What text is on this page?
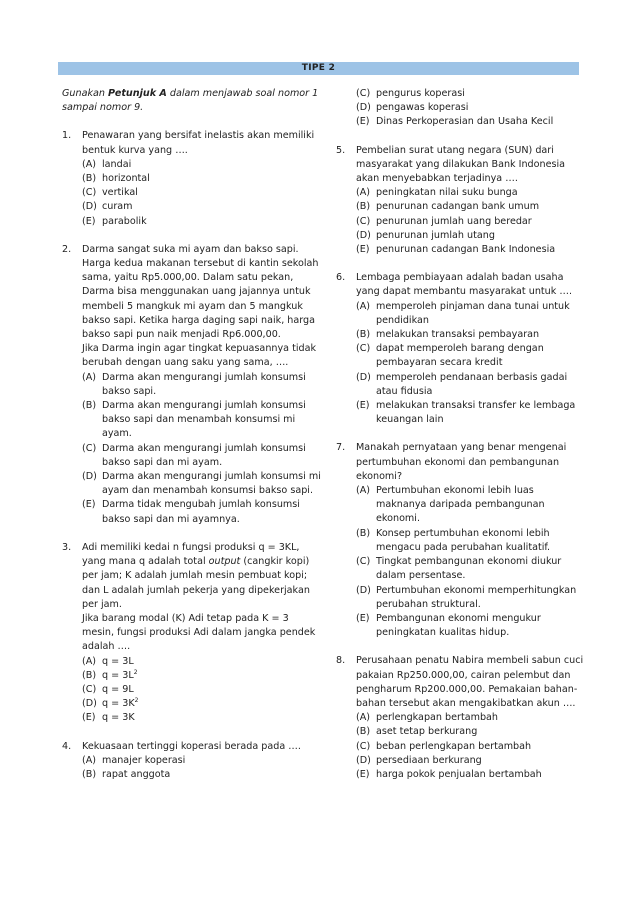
TIPE 2
Gunakan Petunjuk A dalam menjawab soal nomor 1 sampai nomor 9.
1.	Penawaran yang bersifat inelastis akan memiliki bentuk kurva yang ….
(A) landai
(B) horizontal
(C) vertikal
(D) curam
(E) parabolik
2.	Darma sangat suka mi ayam dan bakso sapi. Harga kedua makanan tersebut di kantin sekolah sama, yaitu Rp5.000,00. Dalam satu pekan, Darma bisa menggunakan uang jajannya untuk membeli 5 mangkuk mi ayam dan 5 mangkuk bakso sapi. Ketika harga daging sapi naik, harga bakso sapi pun naik menjadi Rp6.000,00.
Jika Darma ingin agar tingkat kepuasannya tidak berubah dengan uang saku yang sama, ….
(A) Darma akan mengurangi jumlah konsumsi bakso sapi.
(B) Darma akan mengurangi jumlah konsumsi bakso sapi dan menambah konsumsi mi ayam.
(C) Darma akan mengurangi jumlah konsumsi bakso sapi dan mi ayam.
(D) Darma akan mengurangi jumlah konsumsi mi ayam dan menambah konsumsi bakso sapi.
(E) Darma tidak mengubah jumlah konsumsi bakso sapi dan mi ayamnya.
3.	Adi memiliki kedai n fungsi produksi q = 3KL, yang mana q adalah total output (cangkir kopi) per jam; K adalah jumlah mesin pembuat kopi; dan L adalah jumlah pekerja yang dipekerjakan per jam.
Jika barang modal (K) Adi tetap pada K = 3 mesin, fungsi produksi Adi dalam jangka pendek adalah ….
(A) q = 3L
(B) $q = 3L^2$
(C) q = 9L
(D) $q = 3K^2$
(E) q = 3K
4.	Kekuasaan tertinggi koperasi berada pada ….
(A) manajer koperasi
(B) rapat anggota
(C) pengurus koperasi
(D) pengawas koperasi
(E) Dinas Perkoperasian dan Usaha Kecil
5.	Pembelian surat utang negara (SUN) dari masyarakat yang dilakukan Bank Indonesia akan menyebabkan terjadinya ….
(A) peningkatan nilai suku bunga
(B) penurunan cadangan bank umum
(C) penurunan jumlah uang beredar
(D) penurunan jumlah utang
(E) penurunan cadangan Bank Indonesia
6.	Lembaga pembiayaan adalah badan usaha yang dapat membantu masyarakat untuk ….
(A) memperoleh pinjaman dana tunai untuk pendidikan
(B) melakukan transaksi pembayaran
(C) dapat memperoleh barang dengan pembayaran secara kredit
(D) memperoleh pendanaan berbasis gadai atau fidusia
(E) melakukan transaksi transfer ke lembaga keuangan lain
7.	Manakah pernyataan yang benar mengenai pertumbuhan ekonomi dan pembangunan ekonomi?
(A) Pertumbuhan ekonomi lebih luas maknanya daripada pembangunan ekonomi.
(B) Konsep pertumbuhan ekonomi lebih mengacu pada perubahan kualitatif.
(C) Tingkat pembangunan ekonomi diukur dalam persentase.
(D) Pertumbuhan ekonomi memperhitungkan perubahan struktural.
(E) Pembangunan ekonomi mengukur peningkatan kualitas hidup.
8.	Perusahaan penatu Nabira membeli sabun cuci pakaian Rp250.000,00, cairan pelembut dan pengharum Rp200.000,00. Pemakaian bahan-bahan tersebut akan mengakibatkan akun ….
(A) perlengkapan bertambah
(B) aset tetap berkurang
(C) beban perlengkapan bertambah
(D) persediaan berkurang
(E) harga pokok penjualan bertambah
